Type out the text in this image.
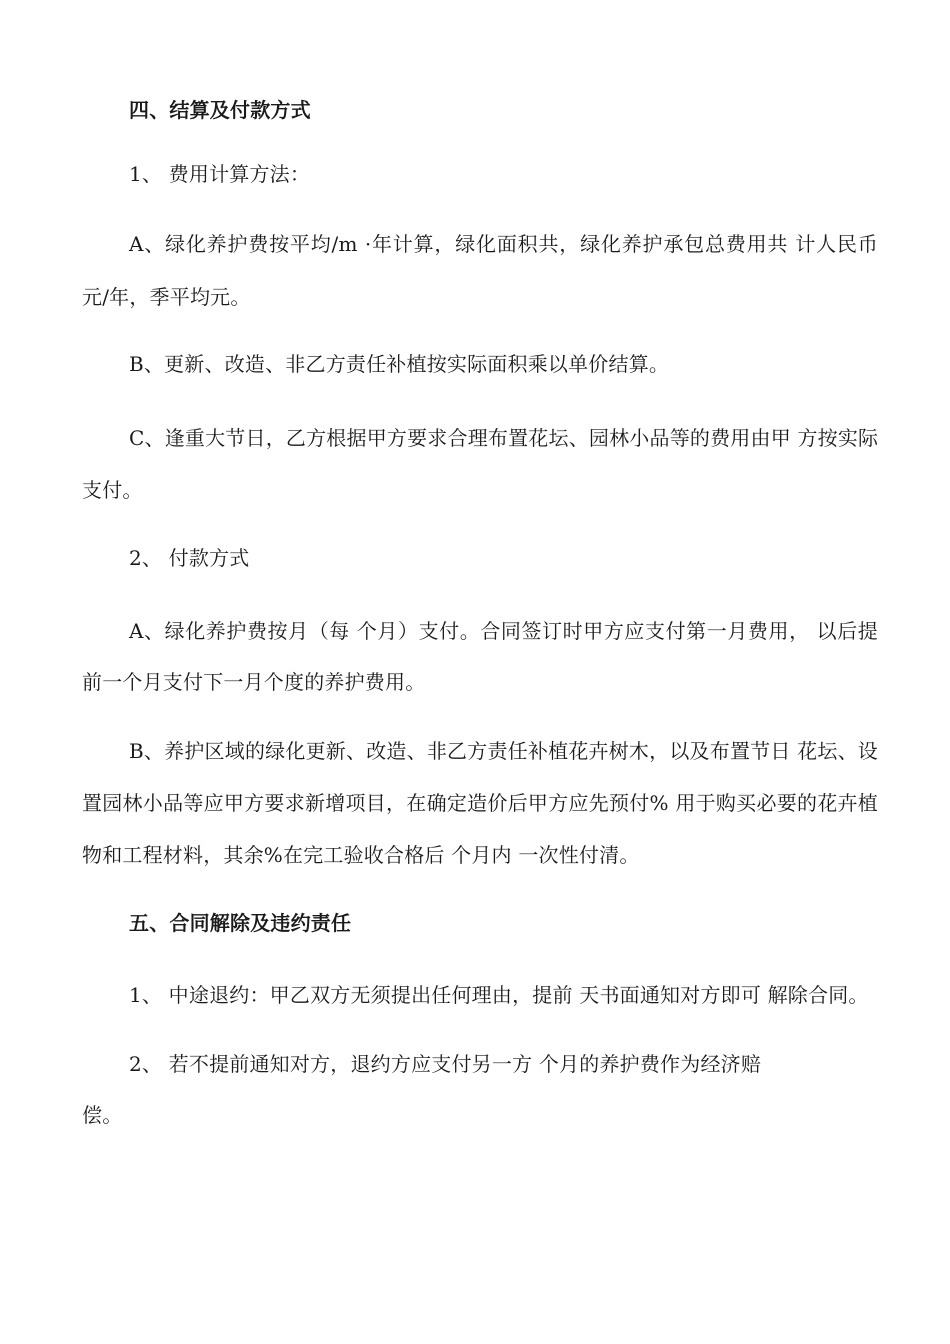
四、结算及付款方式
1、 费用计算方法：
A、绿化养护费按平均/m ·年计算，绿化面积共，绿化养护承包总费用共 计人民币
元/年，季平均元。
B、更新、改造、非乙方责任补植按实际面积乘以单价结算。
C、逢重大节日，乙方根据甲方要求合理布置花坛、园林小品等的费用由甲 方按实际
支付。
2、 付款方式
A、绿化养护费按月（每 个月）支付。合同签订时甲方应支付第一月费用， 以后提
前一个月支付下一月个度的养护费用。
B、养护区域的绿化更新、改造、非乙方责任补植花卉树木，以及布置节日 花坛、设
置园林小品等应甲方要求新增项目，在确定造价后甲方应先预付% 用于购买必要的花卉植
物和工程材料，其余%在完工验收合格后 个月内 一次性付清。
五、合同解除及违约责任
1、 中途退约：甲乙双方无须提出任何理由，提前 天书面通知对方即可 解除合同。
2、 若不提前通知对方，退约方应支付另一方 个月的养护费作为经济赔
偿。
